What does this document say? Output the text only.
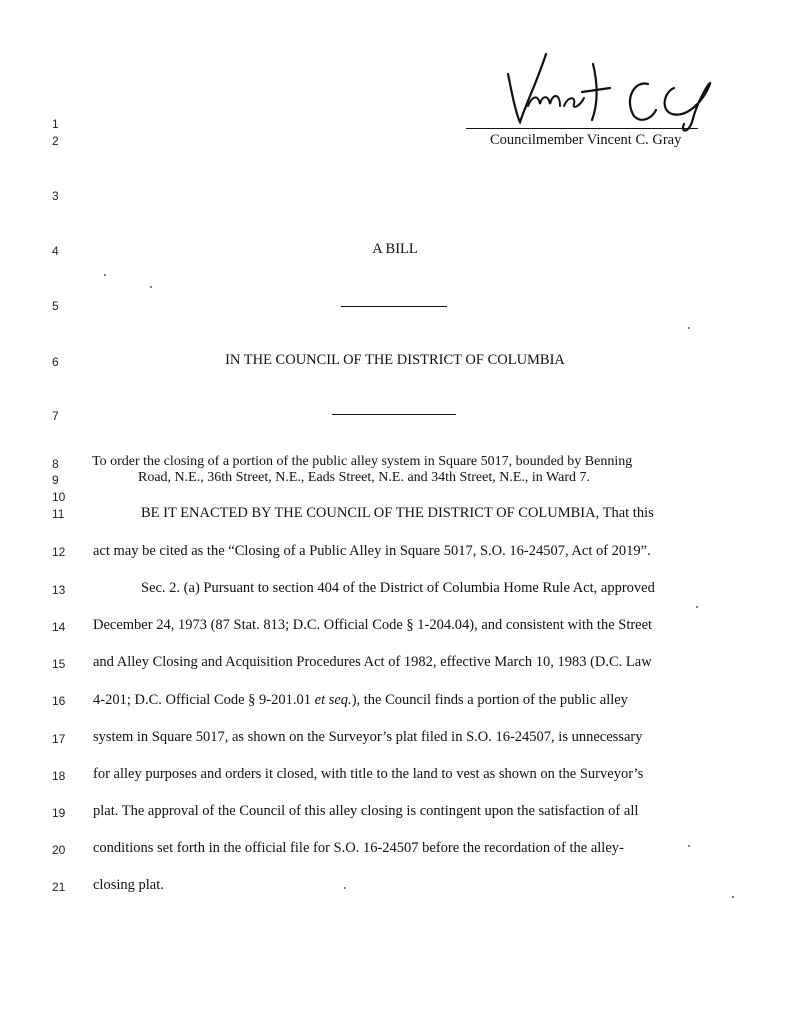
Councilmember Vincent C. Gray
1
2
3
4
5
6
7
8
9
10
11
12
13
14
15
16
17
18
19
20
21
A BILL
IN THE COUNCIL OF THE DISTRICT OF COLUMBIA
To order the closing of a portion of the public alley system in Square 5017, bounded by Benning
Road, N.E., 36th Street, N.E., Eads Street, N.E. and 34th Street, N.E., in Ward 7.
BE IT ENACTED BY THE COUNCIL OF THE DISTRICT OF COLUMBIA, That this
act may be cited as the “Closing of a Public Alley in Square 5017, S.O. 16-24507, Act of 2019”.
Sec. 2. (a) Pursuant to section 404 of the District of Columbia Home Rule Act, approved
December 24, 1973 (87 Stat. 813; D.C. Official Code § 1-204.04), and consistent with the Street
and Alley Closing and Acquisition Procedures Act of 1982, effective March 10, 1983 (D.C. Law
4-201; D.C. Official Code § 9-201.01 et seq.), the Council finds a portion of the public alley
system in Square 5017, as shown on the Surveyor’s plat filed in S.O. 16-24507, is unnecessary
for alley purposes and orders it closed, with title to the land to vest as shown on the Surveyor’s
plat. The approval of the Council of this alley closing is contingent upon the satisfaction of all
conditions set forth in the official file for S.O. 16-24507 before the recordation of the alley-
closing plat.
